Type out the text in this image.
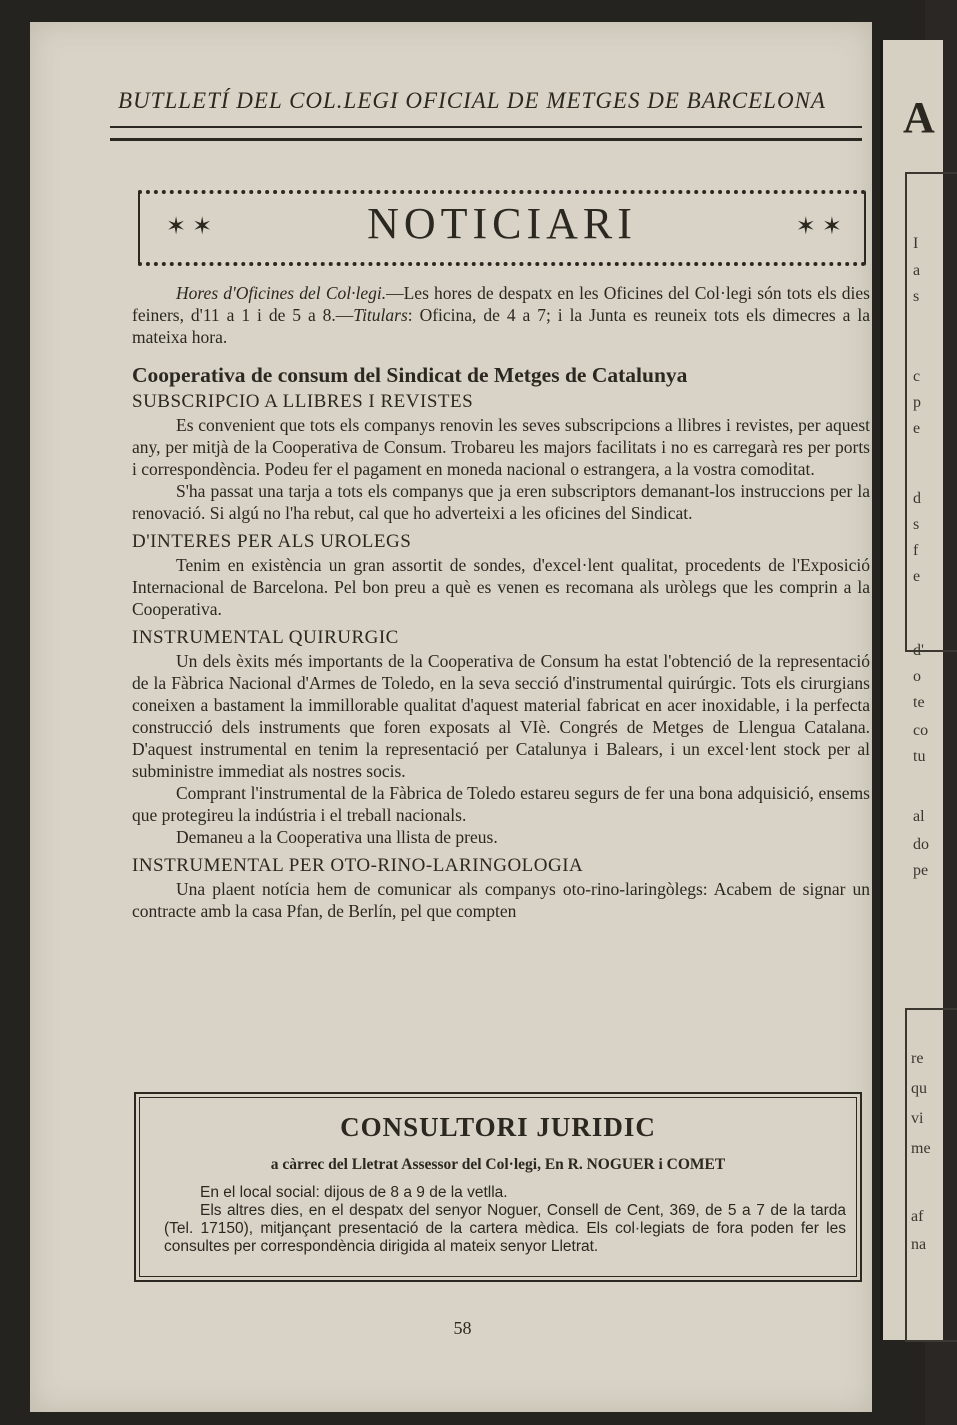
A
I
a
s
c
p
e
d
s
f
e
d'
o
te
co
tu
al
do
pe
re
qu
vi
me
af
na
BUTLLETÍ DEL COL.LEGI OFICIAL DE METGES DE BARCELONA
✶ ✶	NOTICIARI	✶ ✶

Hores d'Oficines del Col·legi.—Les hores de despatx en les Oficines del Col·legi són tots els dies feiners, d'11 a 1 i de 5 a 8.—Titulars: Oficina, de 4 a 7; i la Junta es reuneix tots els dimecres a la mateixa hora.

Cooperativa de consum del Sindicat de Metges de Catalunya
SUBSCRIPCIO A LLIBRES I REVISTES

Es convenient que tots els companys renovin les seves subscripcions a llibres i revistes, per aquest any, per mitjà de la Cooperativa de Consum. Trobareu les majors facilitats i no es carregarà res per ports i correspondència. Podeu fer el pagament en moneda nacional o estrangera, a la vostra comoditat.

S'ha passat una tarja a tots els companys que ja eren subscriptors demanant-los instruccions per la renovació. Si algú no l'ha rebut, cal que ho adverteixi a les oficines del Sindicat.

D'INTERES PER ALS UROLEGS

Tenim en existència un gran assortit de sondes, d'excel·lent qualitat, procedents de l'Exposició Internacional de Barcelona. Pel bon preu a què es venen es recomana als uròlegs que les comprin a la Cooperativa.

INSTRUMENTAL QUIRURGIC

Un dels èxits més importants de la Cooperativa de Consum ha estat l'obtenció de la representació de la Fàbrica Nacional d'Armes de Toledo, en la seva secció d'instrumental quirúrgic. Tots els cirurgians coneixen a bastament la immillorable qualitat d'aquest material fabricat en acer inoxidable, i la perfecta construcció dels instruments que foren exposats al VIè. Congrés de Metges de Llengua Catalana. D'aquest instrumental en tenim la representació per Catalunya i Balears, i un excel·lent stock per al subministre immediat als nostres socis.

Comprant l'instrumental de la Fàbrica de Toledo estareu segurs de fer una bona adquisició, ensems que protegireu la indústria i el treball nacionals.

Demaneu a la Cooperativa una llista de preus.

INSTRUMENTAL PER OTO-RINO-LARINGOLOGIA

Una plaent notícia hem de comunicar als companys oto-rino-laringòlegs: Acabem de signar un contracte amb la casa Pfan, de Berlín, pel que compten

CONSULTORI JURIDIC
a càrrec del Lletrat Assessor del Col·legi, En R. NOGUER i COMET

En el local social: dijous de 8 a 9 de la vetlla.

Els altres dies, en el despatx del senyor Noguer, Consell de Cent, 369, de 5 a 7 de la tarda (Tel. 17150), mitjançant presentació de la cartera mèdica. Els col·legiats de fora poden fer les consultes per correspondència dirigida al mateix senyor Lletrat.

58
